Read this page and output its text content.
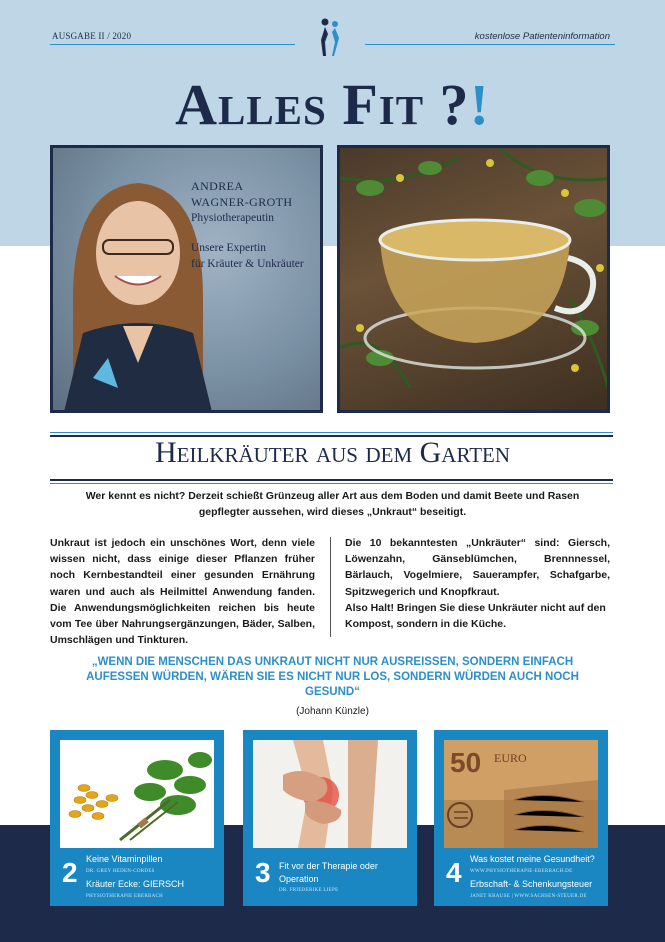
AUSGABE II / 2020	kostenlose Patienteninformation
Alles Fit ?!
ANDREA
WAGNER-GROTH
Physiotherapeutin
Unsere Expertin
für Kräuter & Unkräuter
Heilkräuter aus dem Garten
Wer kennt es nicht? Derzeit schießt Grünzeug aller Art aus dem Boden und damit Beete und Rasen gepflegter aussehen, wird dieses „Unkraut“ beseitigt.
Unkraut ist jedoch ein unschönes Wort, denn viele wissen nicht, dass einige dieser Pflanzen früher noch Kernbestandteil einer gesunden Ernährung waren und auch als Heilmittel Anwendung fanden. Die Anwendungsmöglichkeiten reichen bis heute vom Tee über Nahrungsergänzungen, Bäder, Salben, Umschlägen und Tinkturen.
Die 10 bekanntesten „Unkräuter“ sind: Giersch, Löwenzahn, Gänseblümchen, Brennnessel, Bärlauch, Vogelmiere, Sauerampfer, Schafgarbe, Spitzwegerich und Knopfkraut.
Also Halt! Bringen Sie diese Unkräuter nicht auf den Kompost, sondern in die Küche.
„WENN DIE MENSCHEN DAS UNKRAUT NICHT NUR AUSREISSEN, SONDERN EINFACH AUFESSEN WÜRDEN, WÄREN SIE ES NICHT NUR LOS, SONDERN WÜRDEN AUCH NOCH GESUND“
(Johann Künzle)
2 Keine Vitaminpillen
DR. GREY HEDEN-CORDES
Kräuter Ecke: GIERSCH
PHYSIOTHERAPIE EBERBACH
3 Fit vor der Therapie oder
Operation
DR. FRIEDERIKE LIEPE
50 EURO
4 Was kostet meine Gesundheit?
WWW.PHYSIOTHERAPIE-EBERBACH.DE
Erbschaft- & Schenkungsteuer
JANET KRAUSE | WWW.SACHSEN-STEUER.DE
